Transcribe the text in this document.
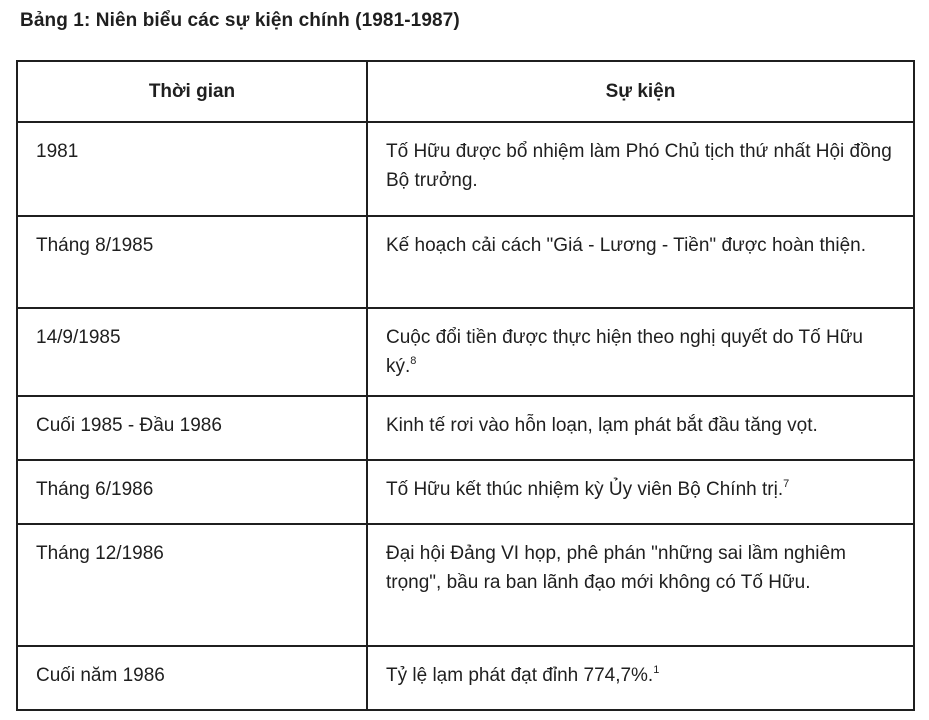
Bảng 1: Niên biểu các sự kiện chính (1981-1987)
Thời gian	Sự kiện
1981	Tố Hữu được bổ nhiệm làm Phó Chủ tịch thứ nhất Hội đồng Bộ trưởng.
Tháng 8/1985	Kế hoạch cải cách "Giá - Lương - Tiền" được hoàn thiện.
14/9/1985	Cuộc đổi tiền được thực hiện theo nghị quyết do Tố Hữu ký.$^8$
Cuối 1985 - Đầu 1986	Kinh tế rơi vào hỗn loạn, lạm phát bắt đầu tăng vọt.
Tháng 6/1986	Tố Hữu kết thúc nhiệm kỳ Ủy viên Bộ Chính trị.$^7$
Tháng 12/1986	Đại hội Đảng VI họp, phê phán "những sai lầm nghiêm trọng", bầu ra ban lãnh đạo mới không có Tố Hữu.
Cuối năm 1986	Tỷ lệ lạm phát đạt đỉnh 774,7%.$^1$
